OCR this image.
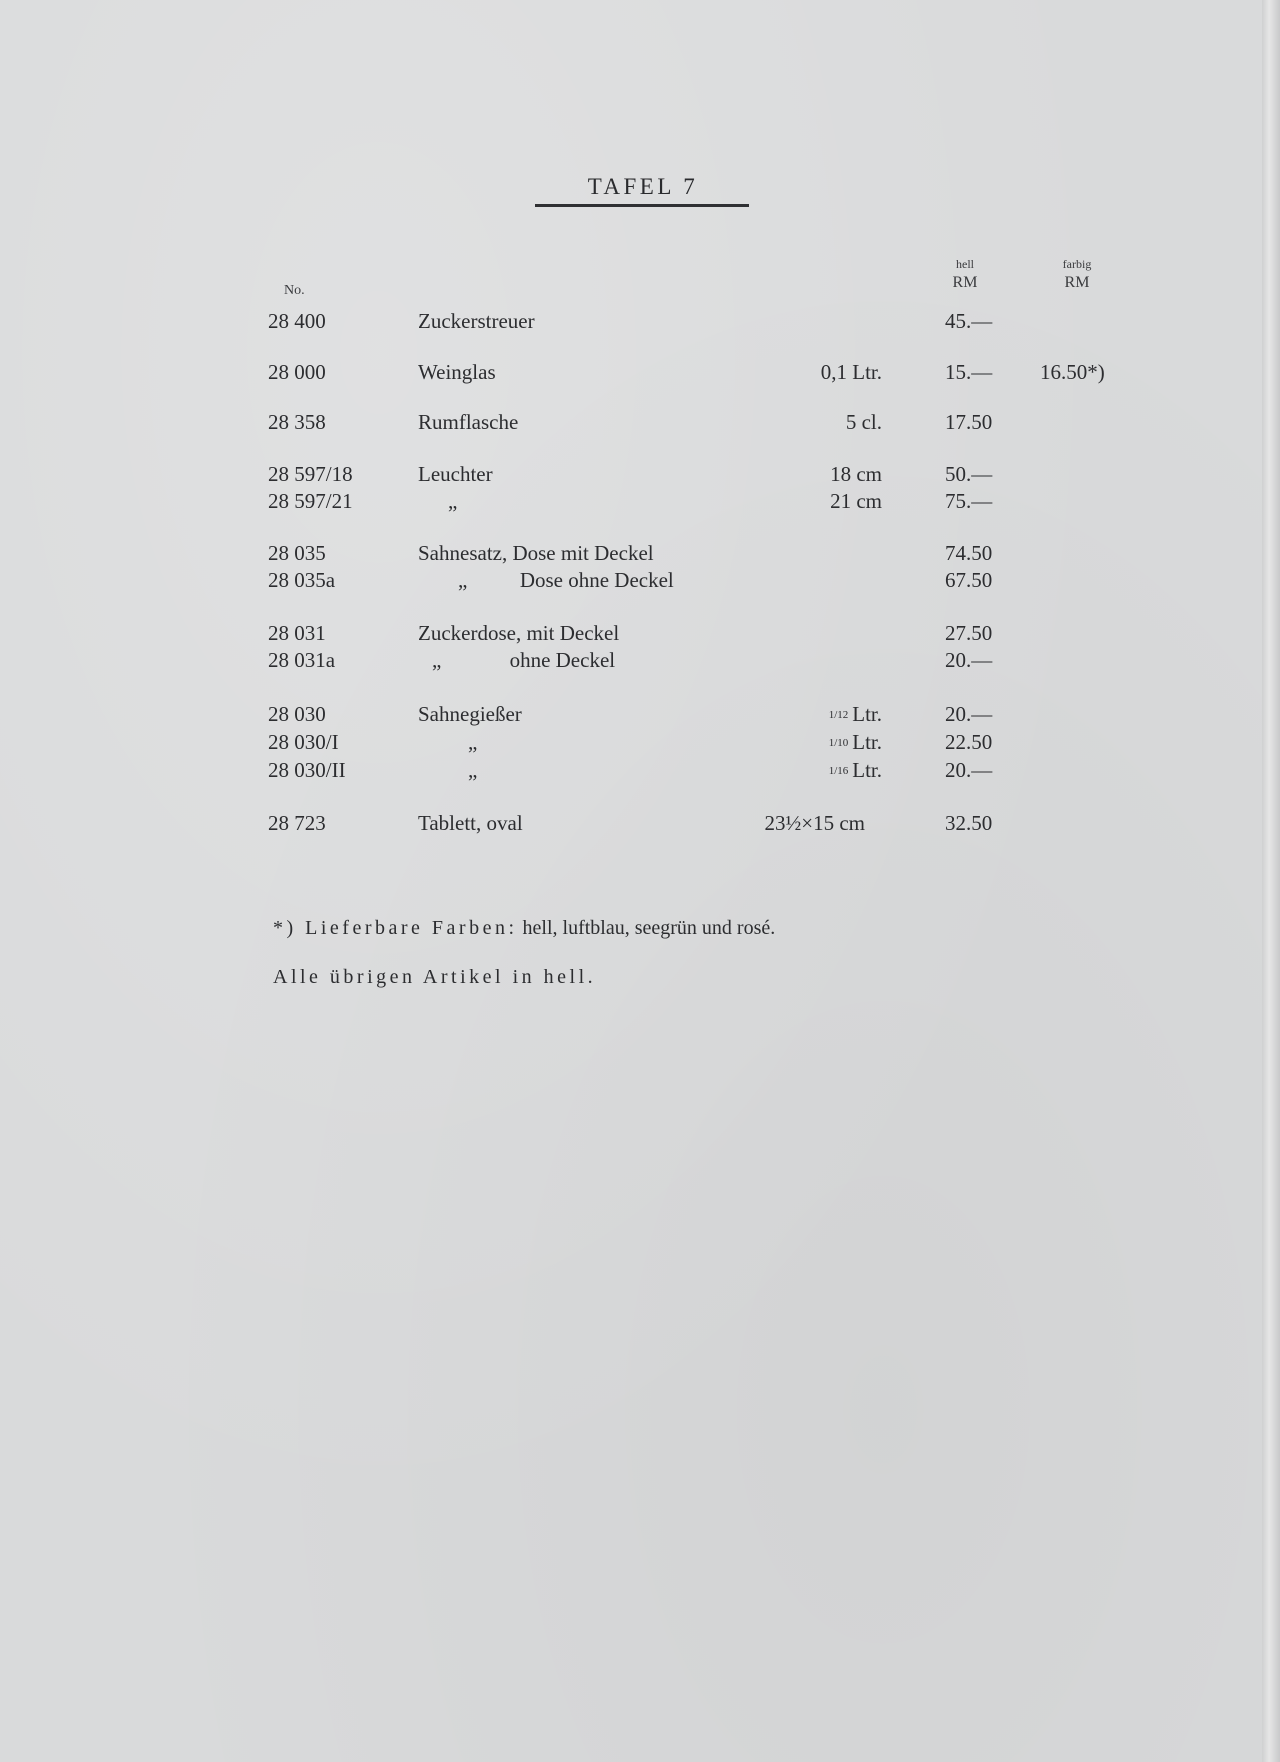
TAFEL 7
No.
hell	farbig
RM	RM
28 400	Zuckerstreuer	45.—
28 000	Weinglas	0,1 Ltr.	15.— 16.50*)
28 358	Rumflasche	5 cl.	17.50
28 597/18	Leuchter	18 cm	50.—
28 597/21	„	21 cm	75.—
28 035	Sahnesatz, Dose mit Deckel	74.50
28 035a	„          Dose ohne Deckel	67.50
28 031	Zuckerdose, mit Deckel	27.50
28 031a	„             ohne Deckel	20.—
28 030	Sahnegießer	1/12 Ltr.	20.—
28 030/I	„	1/10 Ltr.	22.50
28 030/II	„	1/16 Ltr.	20.—
28 723	Tablett, oval	23½×15 cm	32.50
*) Lieferbare Farben: hell, luftblau, seegrün und rosé.
Alle übrigen Artikel in hell.
